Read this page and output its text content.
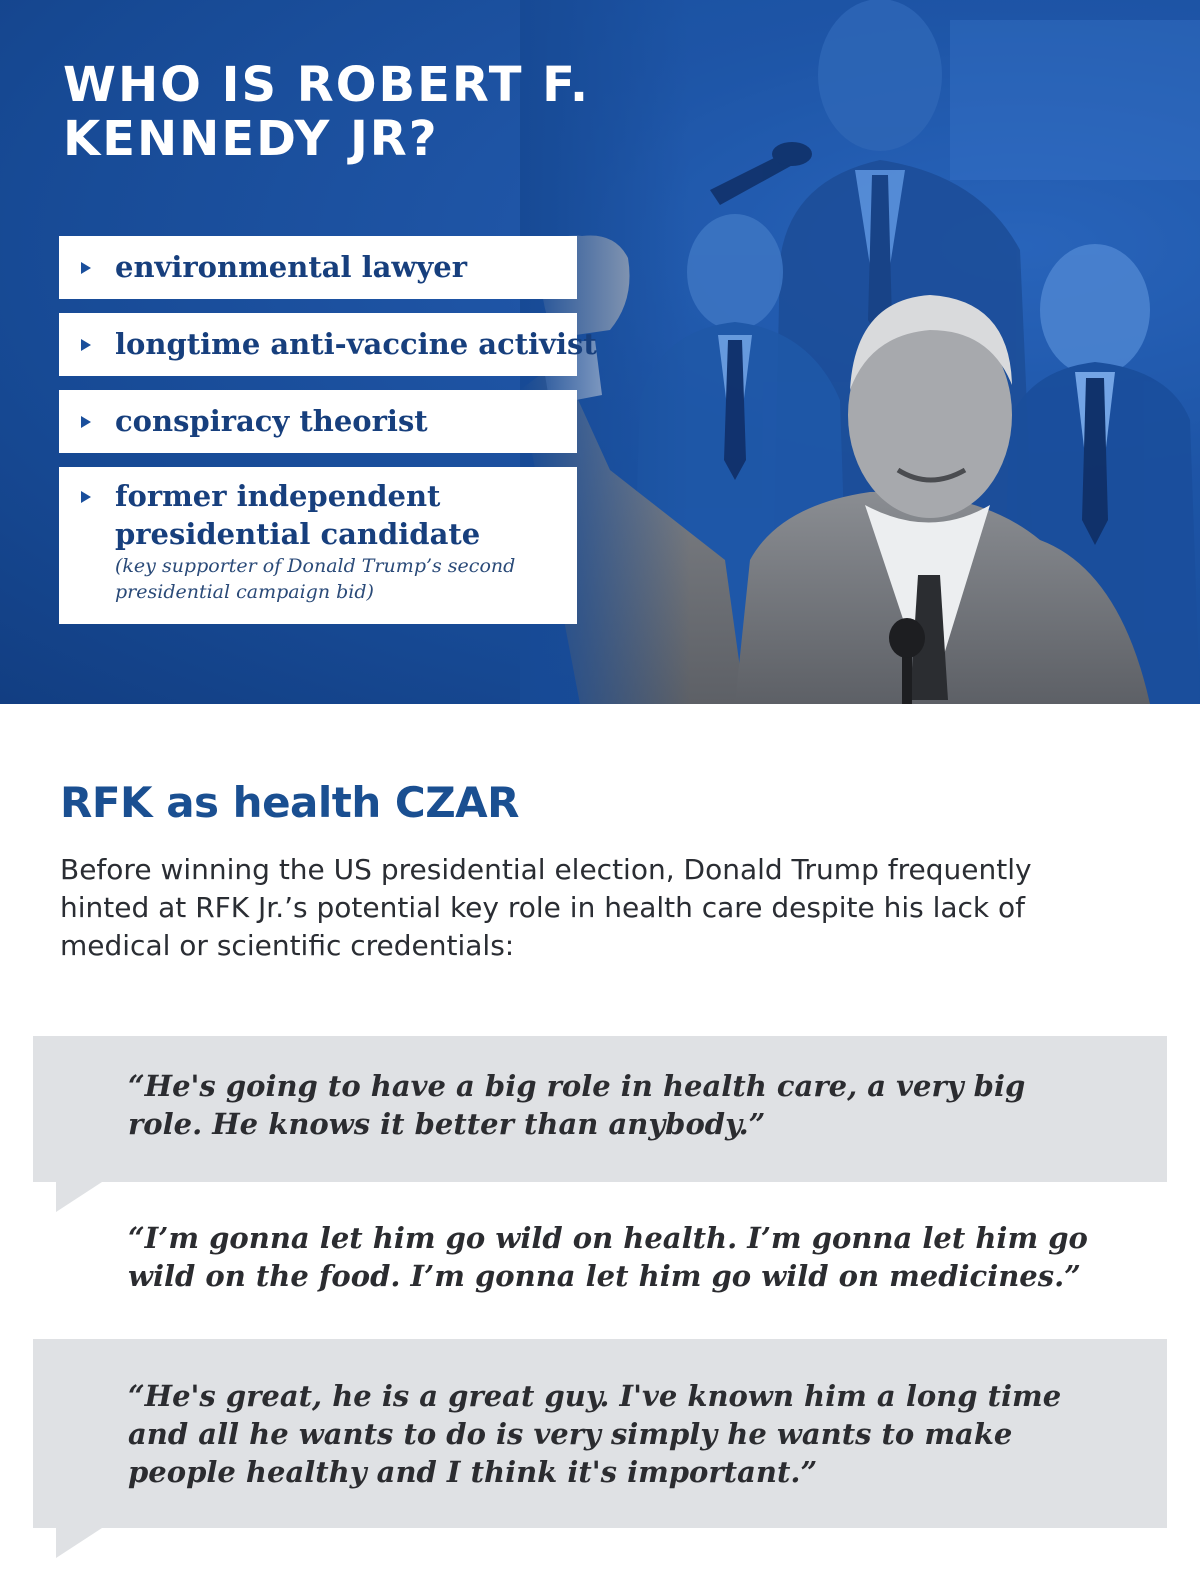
WHO IS ROBERT F. KENNEDY JR?
environmental lawyer
longtime anti-vaccine activist
conspiracy theorist
former independent presidential candidate
(key supporter of Donald Trump’s second presidential campaign bid)
RFK as health CZAR

Before winning the US presidential election, Donald Trump frequently hinted at RFK Jr.’s potential key role in health care despite his lack of medical or scientific credentials:

“He's going to have a big role in health care, a very big role. He knows it better than anybody.”

“I’m gonna let him go wild on health. I’m gonna let him go wild on the food. I’m gonna let him go wild on medicines.”

“He's great, he is a great guy. I've known him a long time and all he wants to do is very simply he wants to make people healthy and I think it's important.”
